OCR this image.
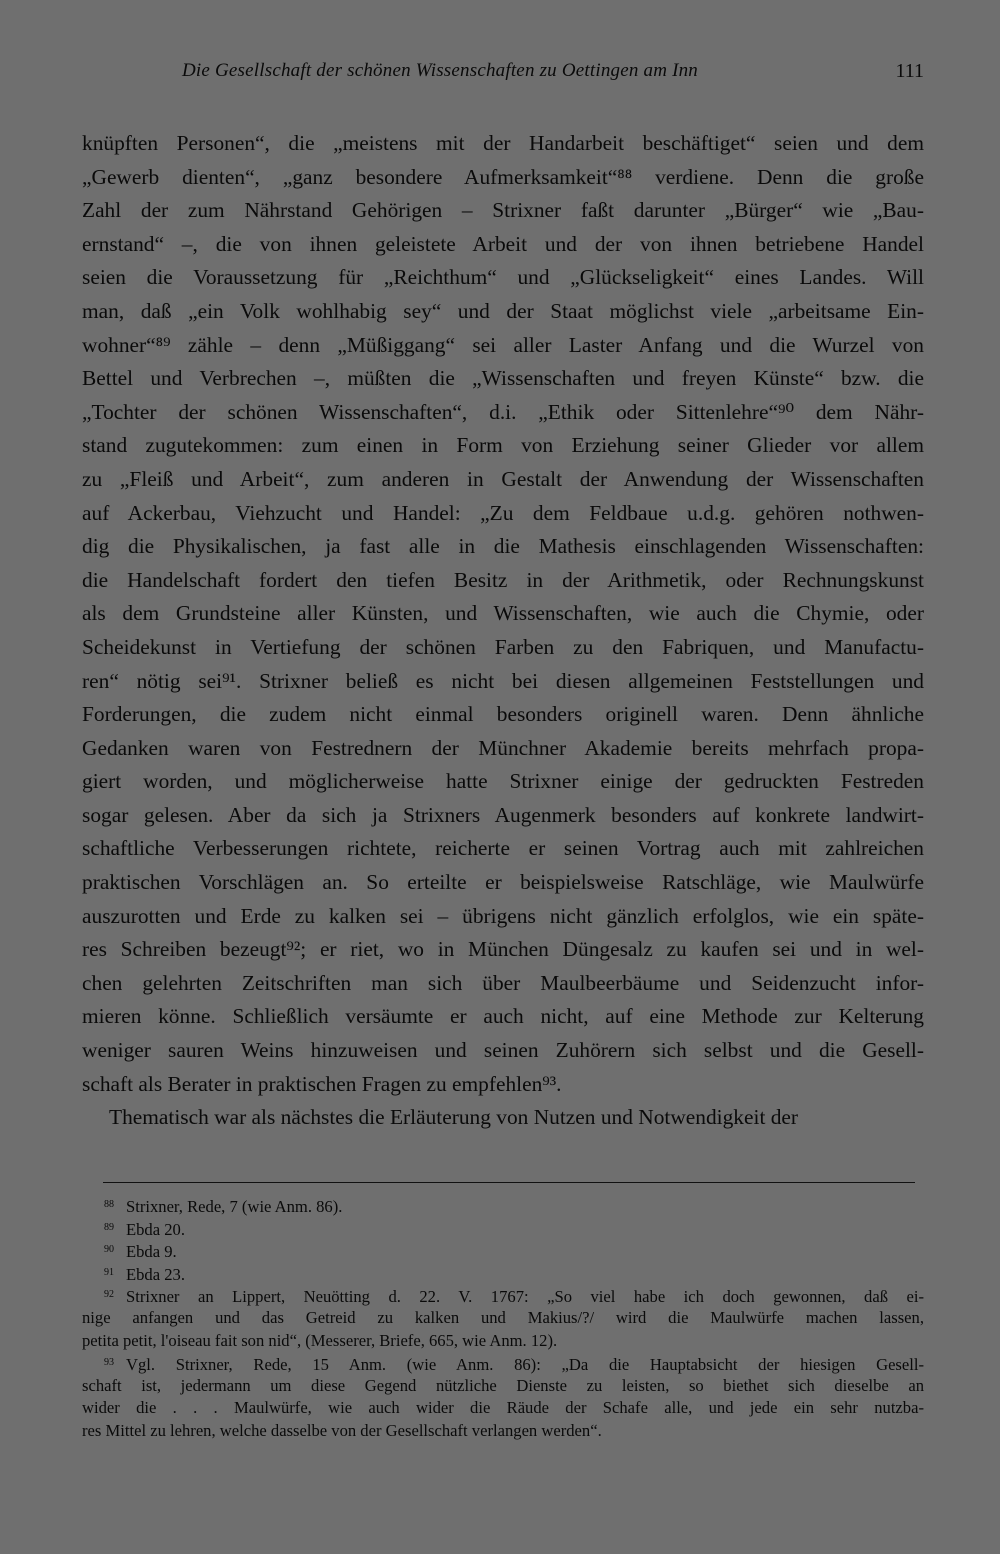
Die Gesellschaft der schönen Wissenschaften zu Oettingen am Inn	111
knüpften Personen“, die „meistens mit der Handarbeit beschäftiget“ seien und dem
„Gewerb dienten“, „ganz besondere Aufmerksamkeit“⁸⁸ verdiene. Denn die große
Zahl der zum Nährstand Gehörigen – Strixner faßt darunter „Bürger“ wie „Bau-
ernstand“ –, die von ihnen geleistete Arbeit und der von ihnen betriebene Handel
seien die Voraussetzung für „Reichthum“ und „Glückseligkeit“ eines Landes. Will
man, daß „ein Volk wohlhabig sey“ und der Staat möglichst viele „arbeitsame Ein-
wohner“⁸⁹ zähle – denn „Müßiggang“ sei aller Laster Anfang und die Wurzel von
Bettel und Verbrechen –, müßten die „Wissenschaften und freyen Künste“ bzw. die
„Tochter der schönen Wissenschaften“, d.i. „Ethik oder Sittenlehre“⁹⁰ dem Nähr-
stand zugutekommen: zum einen in Form von Erziehung seiner Glieder vor allem
zu „Fleiß und Arbeit“, zum anderen in Gestalt der Anwendung der Wissenschaften
auf Ackerbau, Viehzucht und Handel: „Zu dem Feldbaue u.d.g. gehören nothwen-
dig die Physikalischen, ja fast alle in die Mathesis einschlagenden Wissenschaften:
die Handelschaft fordert den tiefen Besitz in der Arithmetik, oder Rechnungskunst
als dem Grundsteine aller Künsten, und Wissenschaften, wie auch die Chymie, oder
Scheidekunst in Vertiefung der schönen Farben zu den Fabriquen, und Manufactu-
ren“ nötig sei⁹¹. Strixner beließ es nicht bei diesen allgemeinen Feststellungen und
Forderungen, die zudem nicht einmal besonders originell waren. Denn ähnliche
Gedanken waren von Festrednern der Münchner Akademie bereits mehrfach propa-
giert worden, und möglicherweise hatte Strixner einige der gedruckten Festreden
sogar gelesen. Aber da sich ja Strixners Augenmerk besonders auf konkrete landwirt-
schaftliche Verbesserungen richtete, reicherte er seinen Vortrag auch mit zahlreichen
praktischen Vorschlägen an. So erteilte er beispielsweise Ratschläge, wie Maulwürfe
auszurotten und Erde zu kalken sei – übrigens nicht gänzlich erfolglos, wie ein späte-
res Schreiben bezeugt⁹²; er riet, wo in München Düngesalz zu kaufen sei und in wel-
chen gelehrten Zeitschriften man sich über Maulbeerbäume und Seidenzucht infor-
mieren könne. Schließlich versäumte er auch nicht, auf eine Methode zur Kelterung
weniger sauren Weins hinzuweisen und seinen Zuhörern sich selbst und die Gesell-
schaft als Berater in praktischen Fragen zu empfehlen⁹³.
Thematisch war als nächstes die Erläuterung von Nutzen und Notwendigkeit der
$^{88}$ Strixner, Rede, 7 (wie Anm. 86).
$^{89}$ Ebda 20.
$^{90}$ Ebda 9.
$^{91}$ Ebda 23.
$^{92}$ Strixner an Lippert, Neuötting d. 22. V. 1767: „So viel habe ich doch gewonnen, daß ei-
nige anfangen und das Getreid zu kalken und Makius/?/ wird die Maulwürfe machen lassen,
petita petit, l'oiseau fait son nid“, (Messerer, Briefe, 665, wie Anm. 12).
$^{93}$ Vgl. Strixner, Rede, 15 Anm. (wie Anm. 86): „Da die Hauptabsicht der hiesigen Gesell-
schaft ist, jedermann um diese Gegend nützliche Dienste zu leisten, so biethet sich dieselbe an
wider die . . . Maulwürfe, wie auch wider die Räude der Schafe alle, und jede ein sehr nutzba-
res Mittel zu lehren, welche dasselbe von der Gesellschaft verlangen werden“.
